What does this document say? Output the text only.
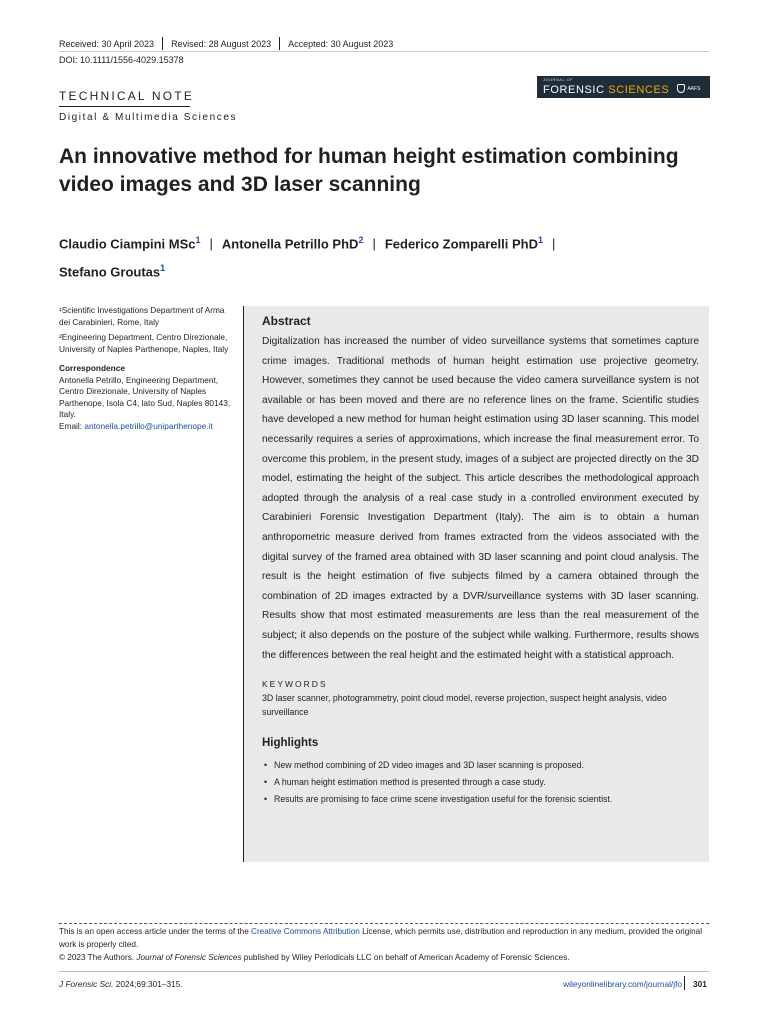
Received: 30 April 2023 Revised: 28 August 2023 Accepted: 30 August 2023
DOI: 10.1111/1556-4029.15378
JOURNAL OF
FORENSIC SCIENCES	AAFS
TECHNICAL NOTE
Digital & Multimedia Sciences
An innovative method for human height estimation combining video images and 3D laser scanning
Claudio Ciampini MSc$^1$ | Antonella Petrillo PhD$^2$ | Federico Zomparelli PhD$^1$ |
Stefano Groutas$^1$

¹Scientific Investigations Department of Arma dei Carabinieri, Rome, Italy

²Engineering Department, Centro Direzionale, University of Naples Parthenope, Naples, Italy

Correspondence

Antonella Petrillo, Engineering Department, Centro Direzionale, University of Naples Parthenope, Isola C4, lato Sud, Naples 80143, Italy.

Email: antonella.petrillo@uniparthenope.it

Abstract

Digitalization has increased the number of video surveillance systems that sometimes capture crime images. Traditional methods of human height estimation use projective geometry. However, sometimes they cannot be used because the video camera surveillance system is not available or has been moved and there are no reference lines on the frame. Scientific studies have developed a new method for human height estimation using 3D laser scanning. This model necessarily requires a series of approximations, which increase the final measurement error. To overcome this problem, in the present study, images of a subject are projected directly on the 3D model, estimating the height of the subject. This article describes the methodological approach adopted through the analysis of a real case study in a controlled environment executed by Carabinieri Forensic Investigation Department (Italy). The aim is to obtain a human anthropometric measure derived from frames extracted from the videos associated with the digital survey of the framed area obtained with 3D laser scanning and point cloud analysis. The result is the height estimation of five subjects filmed by a camera obtained through the combination of 2D images extracted by a DVR/surveillance systems with 3D laser scanning. Results show that most estimated measurements are less than the real measurement of the subject; it also depends on the posture of the subject while walking. Furthermore, results shows the differences between the real height and the estimated height with a statistical approach.

KEYWORDS
3D laser scanner, photogrammetry, point cloud model, reverse projection, suspect height analysis, video surveillance
Highlights
• New method combining of 2D video images and 3D laser scanning is proposed.
• A human height estimation method is presented through a case study.
• Results are promising to face crime scene investigation useful for the forensic scientist.
This is an open access article under the terms of the Creative Commons Attribution License, which permits use, distribution and reproduction in any medium, provided the original work is properly cited.
© 2023 The Authors. Journal of Forensic Sciences published by Wiley Periodicals LLC on behalf of American Academy of Forensic Sciences.
J Forensic Sci. 2024;69:301–315.	wileyonlinelibrary.com/journal/jfo 301
